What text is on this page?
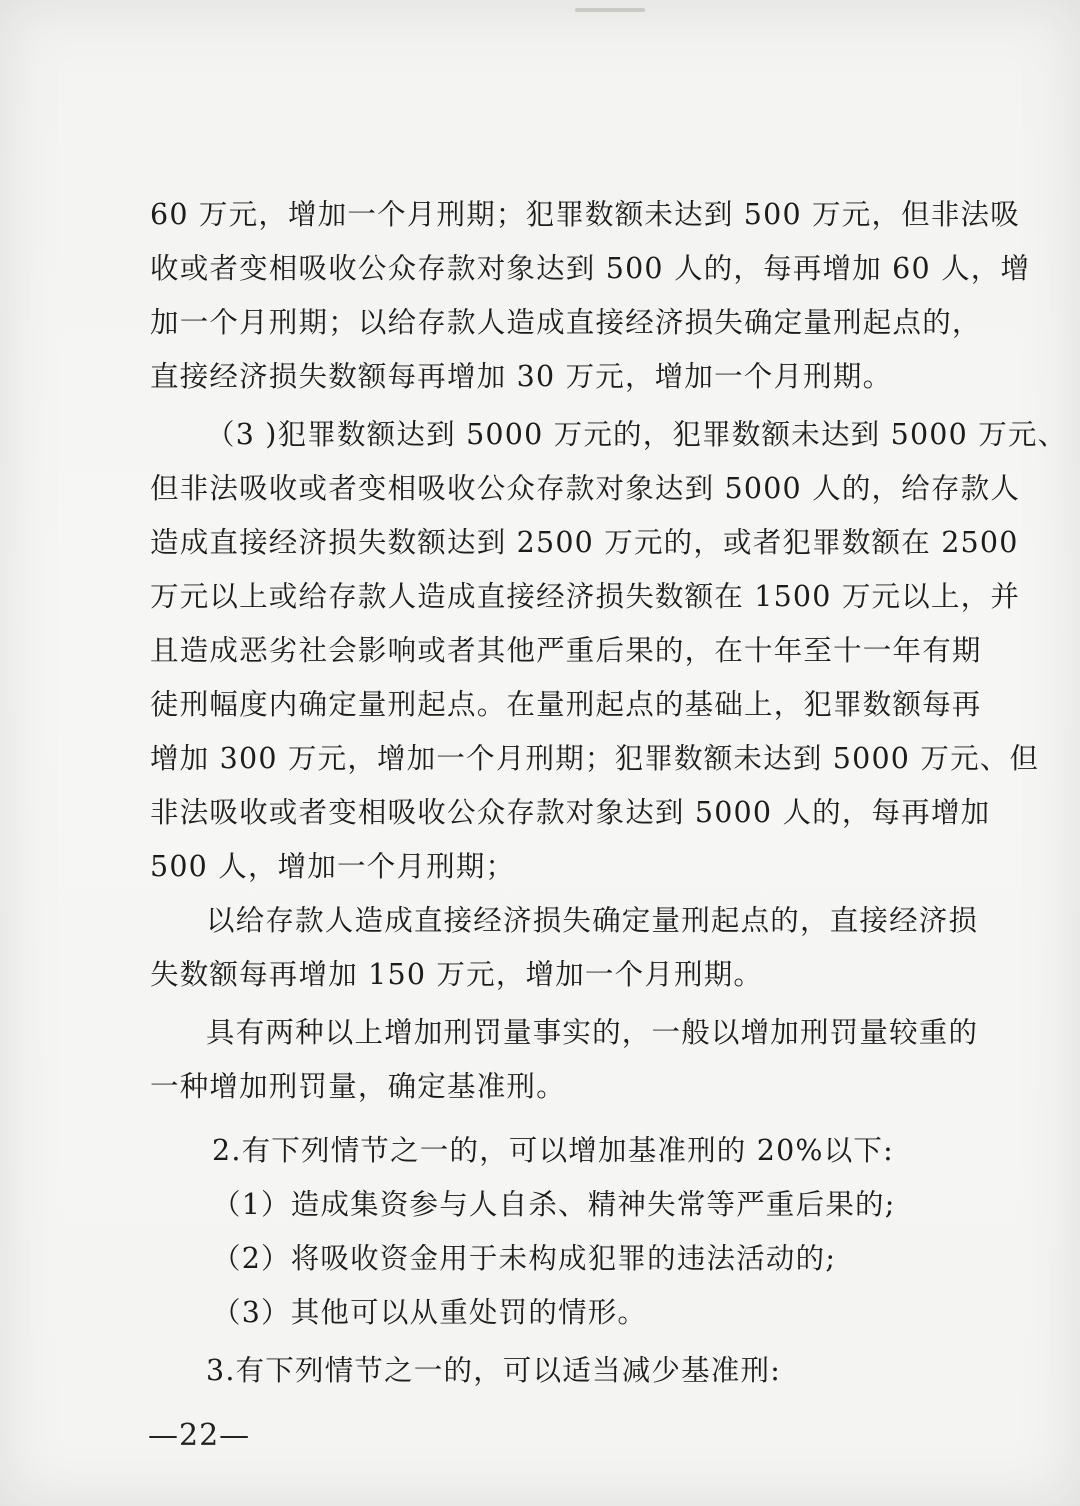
60 万元，增加一个月刑期；犯罪数额未达到 500 万元，但非法吸
收或者变相吸收公众存款对象达到 500 人的，每再增加 60 人，增
加一个月刑期；以给存款人造成直接经济损失确定量刑起点的，
直接经济损失数额每再增加 30 万元，增加一个月刑期。
（3 )犯罪数额达到 5000 万元的，犯罪数额未达到 5000 万元、
但非法吸收或者变相吸收公众存款对象达到 5000 人的，给存款人
造成直接经济损失数额达到 2500 万元的，或者犯罪数额在 2500
万元以上或给存款人造成直接经济损失数额在 1500 万元以上，并
且造成恶劣社会影响或者其他严重后果的，在十年至十一年有期
徒刑幅度内确定量刑起点。在量刑起点的基础上，犯罪数额每再
增加 300 万元，增加一个月刑期；犯罪数额未达到 5000 万元、但
非法吸收或者变相吸收公众存款对象达到 5000 人的，每再增加
500 人，增加一个月刑期；
以给存款人造成直接经济损失确定量刑起点的，直接经济损
失数额每再增加 150 万元，增加一个月刑期。
具有两种以上增加刑罚量事实的，一般以增加刑罚量较重的
一种增加刑罚量，确定基准刑。
2.有下列情节之一的，可以增加基准刑的 20%以下:
（1）造成集资参与人自杀、精神失常等严重后果的;
（2）将吸收资金用于未构成犯罪的违法活动的;
（3）其他可以从重处罚的情形。
3.有下列情节之一的，可以适当减少基准刑:
—22—
